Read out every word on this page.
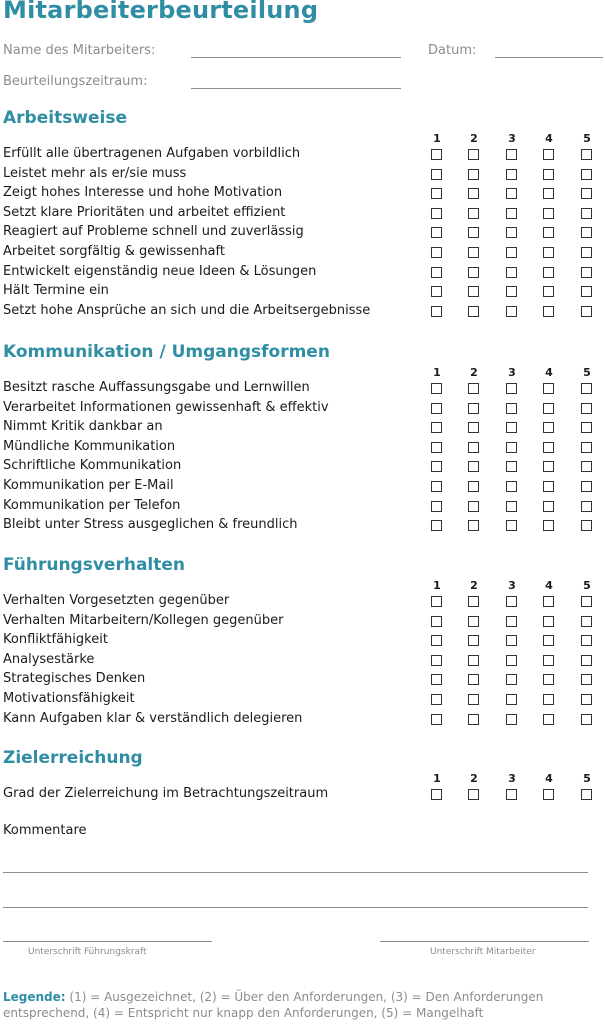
Mitarbeiterbeurteilung
Name des Mitarbeiters:	Datum:
Beurteilungszeitraum:
Arbeitsweise
1	2	3	4	5
Erfüllt alle übertragenen Aufgaben vorbildlich
Leistet mehr als er/sie muss
Zeigt hohes Interesse und hohe Motivation
Setzt klare Prioritäten und arbeitet effizient
Reagiert auf Probleme schnell und zuverlässig
Arbeitet sorgfältig & gewissenhaft
Entwickelt eigenständig neue Ideen & Lösungen
Hält Termine ein
Setzt hohe Ansprüche an sich und die Arbeitsergebnisse
Kommunikation / Umgangsformen
1	2	3	4	5
Besitzt rasche Auffassungsgabe und Lernwillen
Verarbeitet Informationen gewissenhaft & effektiv
Nimmt Kritik dankbar an
Mündliche Kommunikation
Schriftliche Kommunikation
Kommunikation per E-Mail
Kommunikation per Telefon
Bleibt unter Stress ausgeglichen & freundlich
Führungsverhalten
1	2	3	4	5
Verhalten Vorgesetzten gegenüber
Verhalten Mitarbeitern/Kollegen gegenüber
Konfliktfähigkeit
Analysestärke
Strategisches Denken
Motivationsfähigkeit
Kann Aufgaben klar & verständlich delegieren
Zielerreichung
1	2	3	4	5
Grad der Zielerreichung im Betrachtungszeitraum
Kommentare
Unterschrift Führungskraft	Unterschrift Mitarbeiter
Legende: (1) = Ausgezeichnet, (2) = Über den Anforderungen, (3) = Den Anforderungen entsprechend, (4) = Entspricht nur knapp den Anforderungen, (5) = Mangelhaft
